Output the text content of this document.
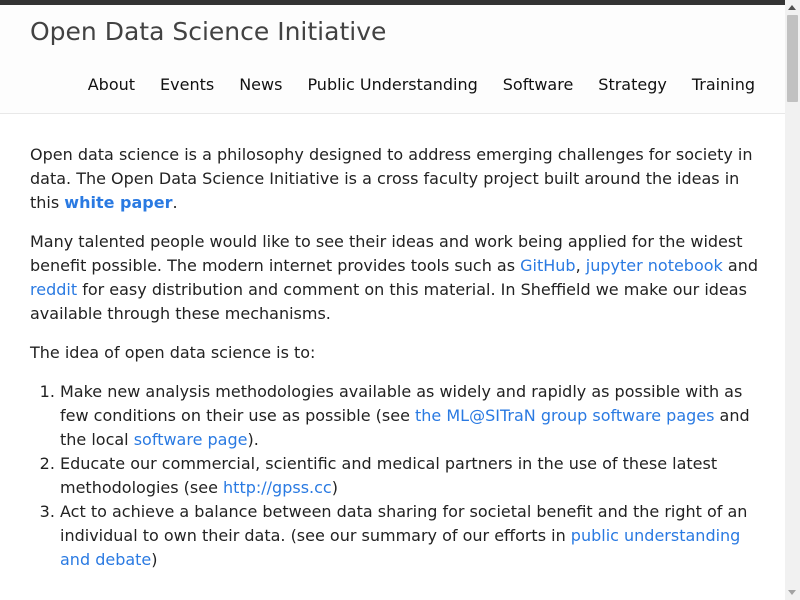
Open Data Science Initiative
About Events News Public Understanding Software Strategy Training

Open data science is a philosophy designed to address emerging challenges for society in data. The Open Data Science Initiative is a cross faculty project built around the ideas in this white paper.

Many talented people would like to see their ideas and work being applied for the widest benefit possible. The modern internet provides tools such as GitHub, jupyter notebook and reddit for easy distribution and comment on this material. In Sheffield we make our ideas available through these mechanisms.

The idea of open data science is to:

1. Make new analysis methodologies available as widely and rapidly as possible with as few conditions on their use as possible (see the ML@SITraN group software pages and the local software page).
2. Educate our commercial, scientific and medical partners in the use of these latest methodologies (see http://gpss.cc)
3. Act to achieve a balance between data sharing for societal benefit and the right of an individual to own their data. (see our summary of our efforts in public understanding and debate)
